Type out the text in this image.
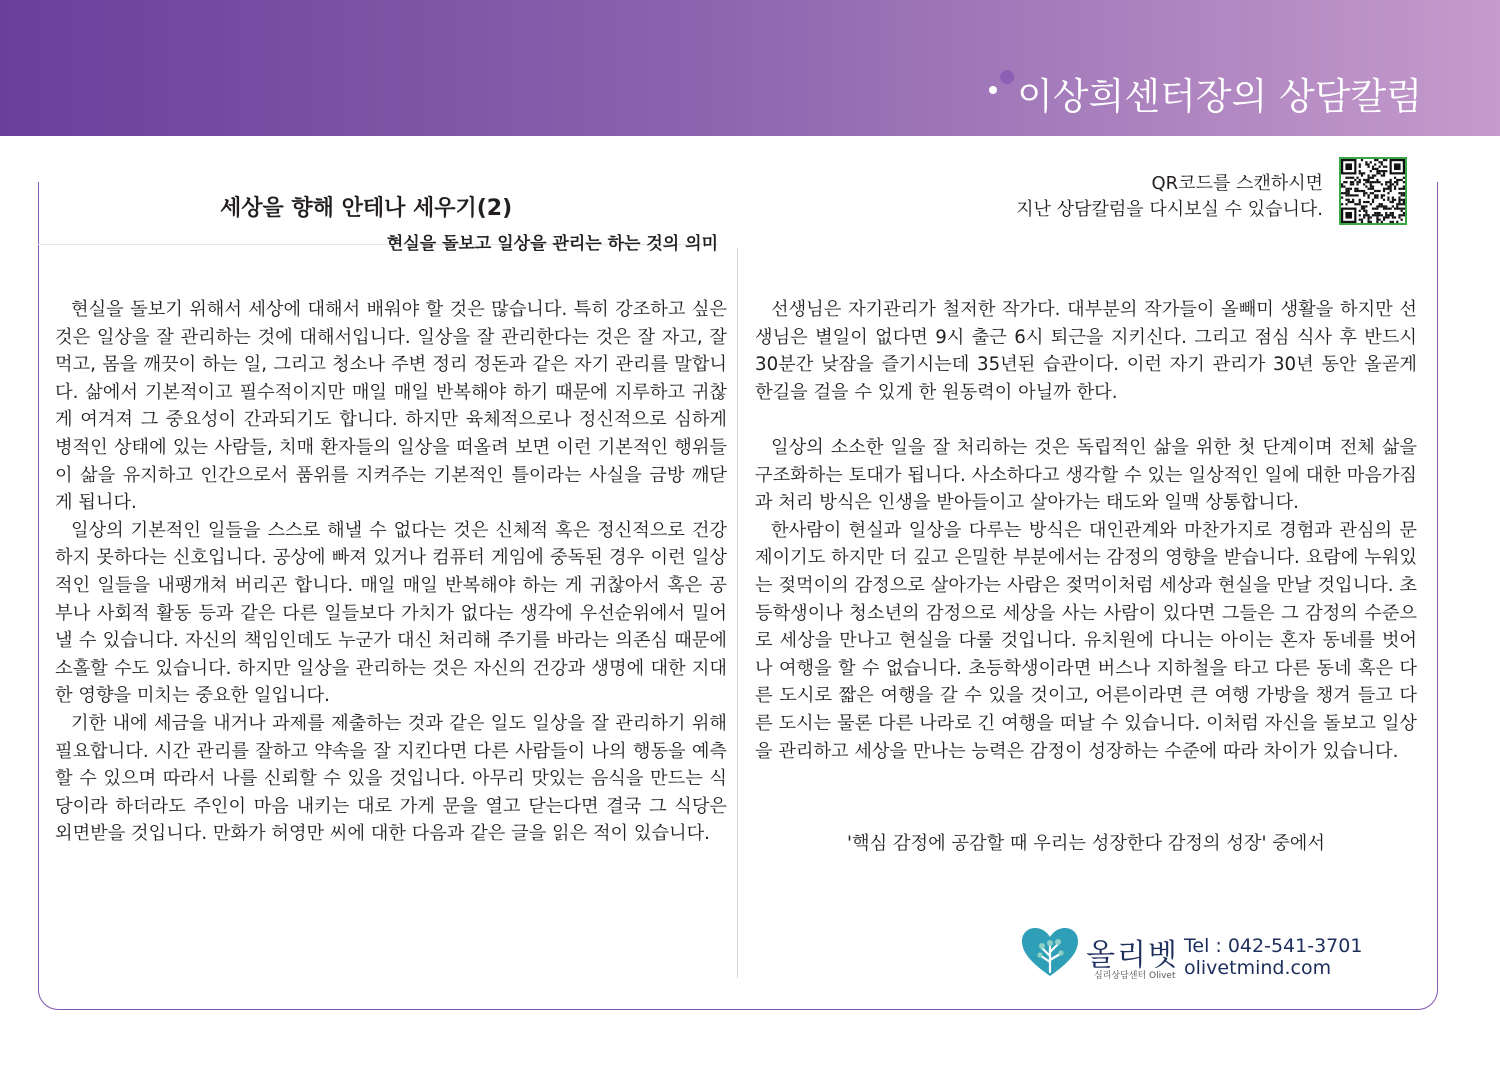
이상희센터장의 상담칼럼
세상을 향해 안테나 세우기(2)
현실을 돌보고 일상을 관리는 하는 것의 의미
QR코드를 스캔하시면
지난 상담칼럼을 다시보실 수 있습니다.

현실을 돌보기 위해서 세상에 대해서 배워야 할 것은 많습니다. 특히 강조하고 싶은 것은 일상을 잘 관리하는 것에 대해서입니다. 일상을 잘 관리한다는 것은 잘 자고, 잘 먹고, 몸을 깨끗이 하는 일, 그리고 청소나 주변 정리 정돈과 같은 자기 관리를 말합니다. 삶에서 기본적이고 필수적이지만 매일 매일 반복해야 하기 때문에 지루하고 귀찮게 여겨져 그 중요성이 간과되기도 합니다. 하지만 육체적으로나 정신적으로 심하게 병적인 상태에 있는 사람들, 치매 환자들의 일상을 떠올려 보면 이런 기본적인 행위들이 삶을 유지하고 인간으로서 품위를 지켜주는 기본적인 틀이라는 사실을 금방 깨닫게 됩니다.

일상의 기본적인 일들을 스스로 해낼 수 없다는 것은 신체적 혹은 정신적으로 건강하지 못하다는 신호입니다. 공상에 빠져 있거나 컴퓨터 게임에 중독된 경우 이런 일상적인 일들을 내팽개쳐 버리곤 합니다. 매일 매일 반복해야 하는 게 귀찮아서 혹은 공부나 사회적 활동 등과 같은 다른 일들보다 가치가 없다는 생각에 우선순위에서 밀어낼 수 있습니다. 자신의 책임인데도 누군가 대신 처리해 주기를 바라는 의존심 때문에 소홀할 수도 있습니다. 하지만 일상을 관리하는 것은 자신의 건강과 생명에 대한 지대한 영향을 미치는 중요한 일입니다.

기한 내에 세금을 내거나 과제를 제출하는 것과 같은 일도 일상을 잘 관리하기 위해 필요합니다. 시간 관리를 잘하고 약속을 잘 지킨다면 다른 사람들이 나의 행동을 예측할 수 있으며 따라서 나를 신뢰할 수 있을 것입니다. 아무리 맛있는 음식을 만드는 식당이라 하더라도 주인이 마음 내키는 대로 가게 문을 열고 닫는다면 결국 그 식당은 외면받을 것입니다. 만화가 허영만 씨에 대한 다음과 같은 글을 읽은 적이 있습니다.

선생님은 자기관리가 철저한 작가다. 대부분의 작가들이 올빼미 생활을 하지만 선생님은 별일이 없다면 9시 출근 6시 퇴근을 지키신다. 그리고 점심 식사 후 반드시 30분간 낮잠을 즐기시는데 35년된 습관이다. 이런 자기 관리가 30년 동안 올곧게 한길을 걸을 수 있게 한 원동력이 아닐까 한다.

일상의 소소한 일을 잘 처리하는 것은 독립적인 삶을 위한 첫 단계이며 전체 삶을 구조화하는 토대가 됩니다. 사소하다고 생각할 수 있는 일상적인 일에 대한 마음가짐과 처리 방식은 인생을 받아들이고 살아가는 태도와 일맥 상통합니다.

한사람이 현실과 일상을 다루는 방식은 대인관계와 마찬가지로 경험과 관심의 문제이기도 하지만 더 깊고 은밀한 부분에서는 감정의 영향을 받습니다. 요람에 누워있는 젖먹이의 감정으로 살아가는 사람은 젖먹이처럼 세상과 현실을 만날 것입니다. 초등학생이나 청소년의 감정으로 세상을 사는 사람이 있다면 그들은 그 감정의 수준으로 세상을 만나고 현실을 다룰 것입니다. 유치원에 다니는 아이는 혼자 동네를 벗어나 여행을 할 수 없습니다. 초등학생이라면 버스나 지하철을 타고 다른 동네 혹은 다른 도시로 짧은 여행을 갈 수 있을 것이고, 어른이라면 큰 여행 가방을 챙겨 들고 다른 도시는 물론 다른 나라로 긴 여행을 떠날 수 있습니다. 이처럼 자신을 돌보고 일상을 관리하고 세상을 만나는 능력은 감정이 성장하는 수준에 따라 차이가 있습니다.

'핵심 감정에 공감할 때 우리는 성장한다 감정의 성장' 중에서
올리벳
심리상담센터 Olivet
Tel : 042-541-3701
olivetmind.com
